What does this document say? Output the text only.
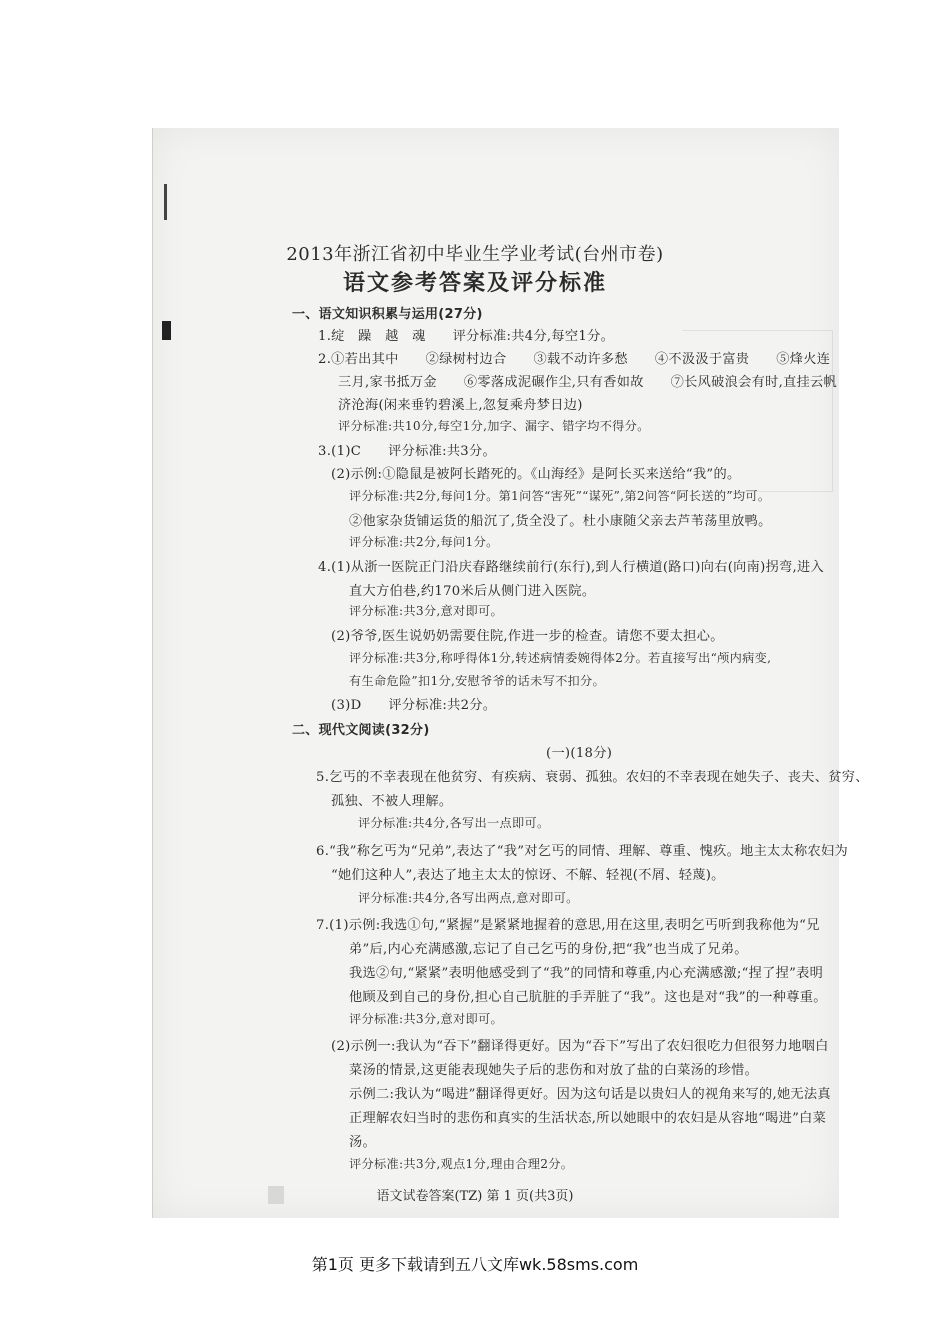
2013年浙江省初中毕业生学业考试(台州市卷)
语文参考答案及评分标准
一、语文知识积累与运用(27分)
1.绽　躁　越　魂　　评分标准:共4分,每空1分。
2.①若出其中　　②绿树村边合　　③载不动许多愁　　④不汲汲于富贵　　⑤烽火连
三月,家书抵万金　　⑥零落成泥碾作尘,只有香如故　　⑦长风破浪会有时,直挂云帆
济沧海(闲来垂钓碧溪上,忽复乘舟梦日边)
评分标准:共10分,每空1分,加字、漏字、错字均不得分。
3.(1)C　　评分标准:共3分。
(2)示例:①隐鼠是被阿长踏死的。《山海经》是阿长买来送给“我”的。
评分标准:共2分,每问1分。第1问答“害死”“谋死”,第2问答“阿长送的”均可。
②他家杂货铺运货的船沉了,货全没了。杜小康随父亲去芦苇荡里放鸭。
评分标准:共2分,每问1分。
4.(1)从浙一医院正门沿庆春路继续前行(东行),到人行横道(路口)向右(向南)拐弯,进入
直大方伯巷,约170米后从侧门进入医院。
评分标准:共3分,意对即可。
(2)爷爷,医生说奶奶需要住院,作进一步的检查。请您不要太担心。
评分标准:共3分,称呼得体1分,转述病情委婉得体2分。若直接写出“颅内病变,
有生命危险”扣1分,安慰爷爷的话未写不扣分。
(3)D　　评分标准:共2分。
二、现代文阅读(32分)
(一)(18分)
5.乞丐的不幸表现在他贫穷、有疾病、衰弱、孤独。农妇的不幸表现在她失子、丧夫、贫穷、
孤独、不被人理解。
评分标准:共4分,各写出一点即可。
6.“我”称乞丐为“兄弟”,表达了“我”对乞丐的同情、理解、尊重、愧疚。地主太太称农妇为
“她们这种人”,表达了地主太太的惊讶、不解、轻视(不屑、轻蔑)。
评分标准:共4分,各写出两点,意对即可。
7.(1)示例:我选①句,“紧握”是紧紧地握着的意思,用在这里,表明乞丐听到我称他为“兄
弟”后,内心充满感激,忘记了自己乞丐的身份,把“我”也当成了兄弟。
我选②句,“紧紧”表明他感受到了“我”的同情和尊重,内心充满感激;“捏了捏”表明
他顾及到自己的身份,担心自己肮脏的手弄脏了“我”。这也是对“我”的一种尊重。
评分标准:共3分,意对即可。
(2)示例一:我认为“吞下”翻译得更好。因为“吞下”写出了农妇很吃力但很努力地咽白
菜汤的情景,这更能表现她失子后的悲伤和对放了盐的白菜汤的珍惜。
示例二:我认为“喝进”翻译得更好。因为这句话是以贵妇人的视角来写的,她无法真
正理解农妇当时的悲伤和真实的生活状态,所以她眼中的农妇是从容地“喝进”白菜
汤。
第1页 更多下载请到五八文库wk.58sms.com
评分标准:共3分,观点1分,理由合理2分。
语文试卷答案(TZ) 第 1 页(共3页)
